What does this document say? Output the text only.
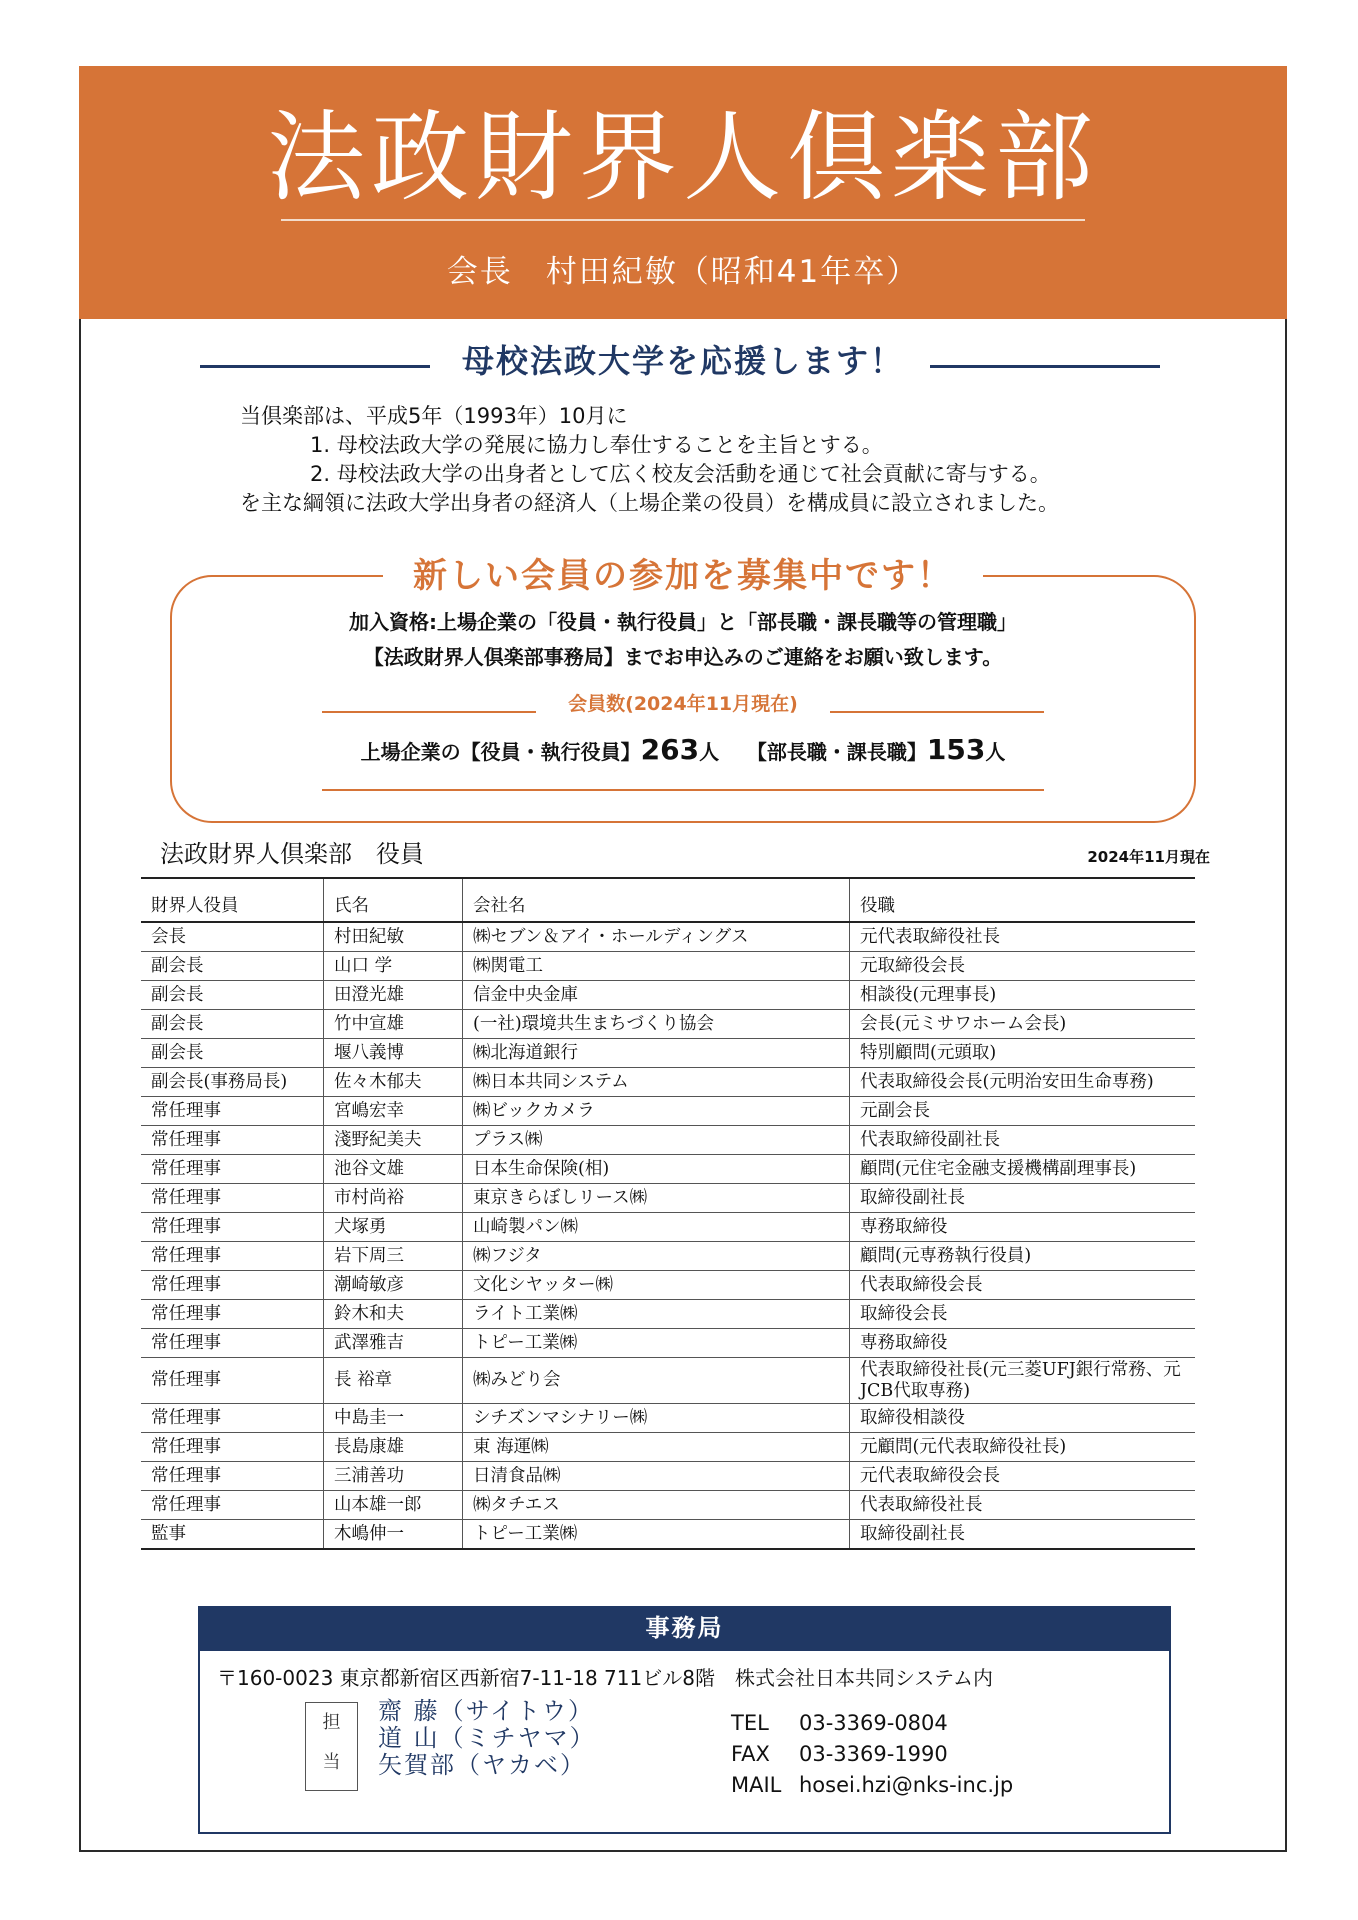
法政財界人倶楽部
会長　村田紀敏（昭和41年卒）
母校法政大学を応援します！
当倶楽部は、平成5年（1993年）10月に
1. 母校法政大学の発展に協力し奉仕することを主旨とする。
2. 母校法政大学の出身者として広く校友会活動を通じて社会貢献に寄与する。
を主な綱領に法政大学出身者の経済人（上場企業の役員）を構成員に設立されました。
新しい会員の参加を募集中です！
加入資格:上場企業の「役員・執行役員」と「部長職・課長職等の管理職」
【法政財界人倶楽部事務局】までお申込みのご連絡をお願い致します。
会員数(2024年11月現在)
上場企業の【役員・執行役員】263人 【部長職・課長職】153人
法政財界人倶楽部　役員	2024年11月現在
財界人役員	氏名	会社名	役職
会長	村田紀敏	㈱セブン＆アイ・ホールディングス	元代表取締役社長
副会長	山口 学	㈱関電工	元取締役会長
副会長	田澄光雄	信金中央金庫	相談役(元理事長)
副会長	竹中宣雄	(一社)環境共生まちづくり協会	会長(元ミサワホーム会長)
副会長	堰八義博	㈱北海道銀行	特別顧問(元頭取)
副会長(事務局長)	佐々木郁夫	㈱日本共同システム	代表取締役会長(元明治安田生命専務)
常任理事	宮嶋宏幸	㈱ビックカメラ	元副会長
常任理事	淺野紀美夫	プラス㈱	代表取締役副社長
常任理事	池谷文雄	日本生命保険(相)	顧問(元住宅金融支援機構副理事長)
常任理事	市村尚裕	東京きらぼしリース㈱	取締役副社長
常任理事	犬塚勇	山崎製パン㈱	専務取締役
常任理事	岩下周三	㈱フジタ	顧問(元専務執行役員)
常任理事	潮崎敏彦	文化シヤッター㈱	代表取締役会長
常任理事	鈴木和夫	ライト工業㈱	取締役会長
常任理事	武澤雅吉	トピー工業㈱	専務取締役
常任理事	長 裕章	㈱みどり会	代表取締役社長(元三菱UFJ銀行常務、元JCB代取専務)
常任理事	中島圭一	シチズンマシナリー㈱	取締役相談役
常任理事	長島康雄	東 海運㈱	元顧問(元代表取締役社長)
常任理事	三浦善功	日清食品㈱	元代表取締役会長
常任理事	山本雄一郎	㈱タチエス	代表取締役社長
監事	木嶋伸一	トピー工業㈱	取締役副社長
事務局
〒160-0023 東京都新宿区西新宿7-11-18 711ビル8階　株式会社日本共同システム内
担
当
齋 藤（サイトウ）
道 山（ミチヤマ）
矢賀部（ヤカベ）
TEL 03-3369-0804
FAX 03-3369-1990
MAIL hosei.hzi@nks-inc.jp
